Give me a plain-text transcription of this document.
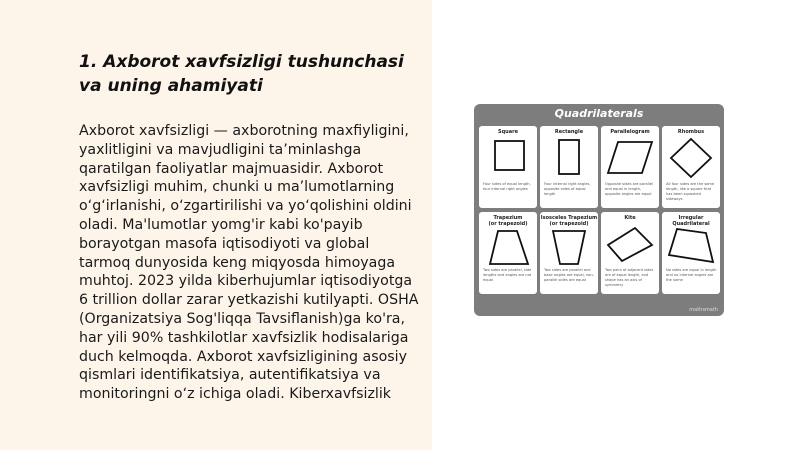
1. Axborot xavfsizligi tushunchasi va uning ahamiyati

Axborot xavfsizligi — axborotning maxfiyligini, yaxlitligini va mavjudligini ta’minlashga qaratilgan faoliyatlar majmuasidir. Axborot xavfsizligi muhim, chunki u ma’lumotlarning o‘g‘irlanishi, o‘zgartirilishi va yo‘qolishini oldini oladi. Ma'lumotlar yomg'ir kabi ko'payib borayotgan masofa iqtisodiyoti va global tarmoq dunyosida keng miqyosda himoyaga muhtoj. 2023 yilda kiberhujumlar iqtisodiyotga 6 trillion dollar zarar yetkazishi kutilyapti. OSHA (Organizatsiya Sog'liqqa Tavsiflanish)ga ko'ra, har yili 90% tashkilotlar xavfsizlik hodisalariga duch kelmoqda. Axborot xavfsizligining asosiy qismlari identifikatsiya, autentifikatsiya va monitoringni o‘z ichiga oladi. Kiberxavfsizlik

Quadrilaterals
Square
Four sides of equal length, four internal right angles
Rectangle
Four internal right angles, opposite sides of equal length
Parallelogram
Opposite sides are parallel and equal in length, opposite angles are equal
Rhombus
All four sides are the same length, like a square that has been squashed sideways
Trapezium
(or trapezoid)
Two sides are parallel, side lengths and angles are not equal
Isosceles Trapezium
(or trapezoid)
Two sides are parallel and base angles are equal, non-parallel sides are equal
Kite
Two pairs of adjacent sides are of equal length, and shape has an axis of symmetry
Irregular
Quadrilateral
No sides are equal in length and no internal angles are the same
mathsmath
